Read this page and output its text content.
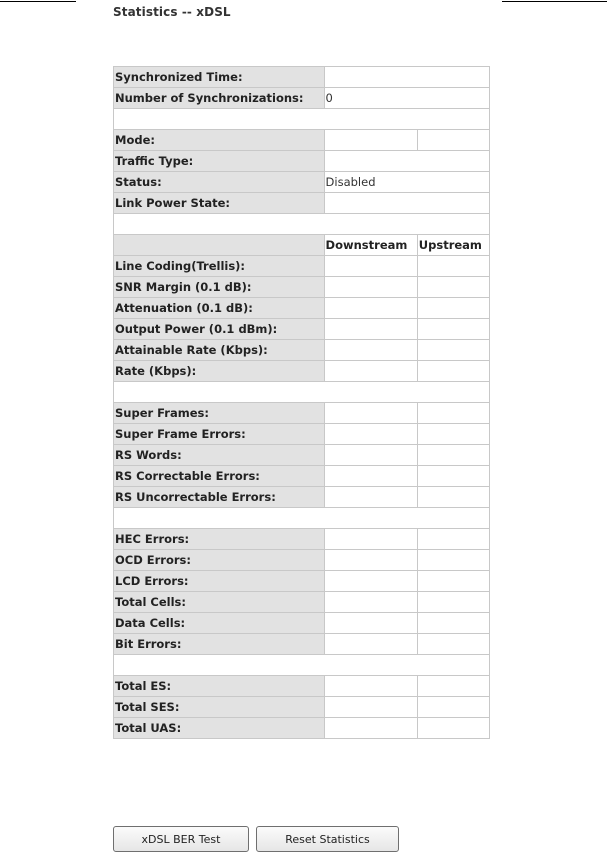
Statistics -- xDSL
Synchronized Time:		
Number of Synchronizations:	0	

Mode:		
Traffic Type:		
Status:	Disabled	
Link Power State:		

	Downstream	Upstream
Line Coding(Trellis):		
SNR Margin (0.1 dB):		
Attenuation (0.1 dB):		
Output Power (0.1 dBm):		
Attainable Rate (Kbps):		
Rate (Kbps):		

Super Frames:		
Super Frame Errors:		
RS Words:		
RS Correctable Errors:		
RS Uncorrectable Errors:		

HEC Errors:		
OCD Errors:		
LCD Errors:		
Total Cells:		
Data Cells:		
Bit Errors:		

Total ES:		
Total SES:		
Total UAS:		
xDSL BER Test	Reset Statistics
